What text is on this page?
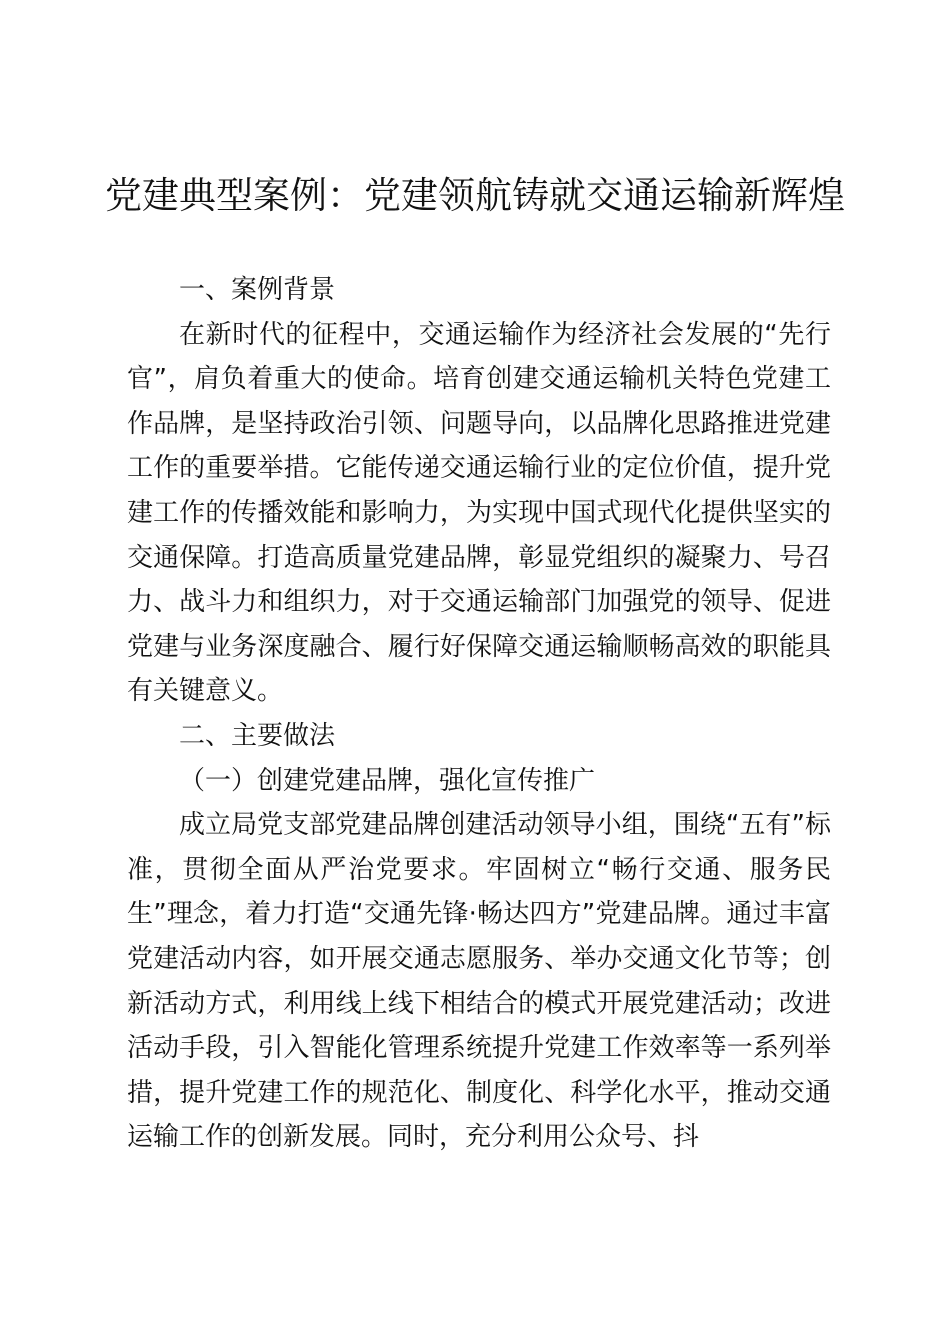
党建典型案例：党建领航铸就交通运输新辉煌

一、案例背景

在新时代的征程中，交通运输作为经济社会发展的“先行官”，肩负着重大的使命。培育创建交通运输机关特色党建工作品牌，是坚持政治引领、问题导向，以品牌化思路推进党建工作的重要举措。它能传递交通运输行业的定位价值，提升党建工作的传播效能和影响力，为实现中国式现代化提供坚实的交通保障。打造高质量党建品牌，彰显党组织的凝聚力、号召力、战斗力和组织力，对于交通运输部门加强党的领导、促进党建与业务深度融合、履行好保障交通运输顺畅高效的职能具有关键意义。

二、主要做法

（一）创建党建品牌，强化宣传推广

成立局党支部党建品牌创建活动领导小组，围绕“五有”标准，贯彻全面从严治党要求。牢固树立“畅行交通、服务民生”理念，着力打造“交通先锋·畅达四方”党建品牌。通过丰富党建活动内容，如开展交通志愿服务、举办交通文化节等；创新活动方式，利用线上线下相结合的模式开展党建活动；改进活动手段，引入智能化管理系统提升党建工作效率等一系列举措，提升党建工作的规范化、制度化、科学化水平，推动交通运输工作的创新发展。同时，充分利用公众号、抖
